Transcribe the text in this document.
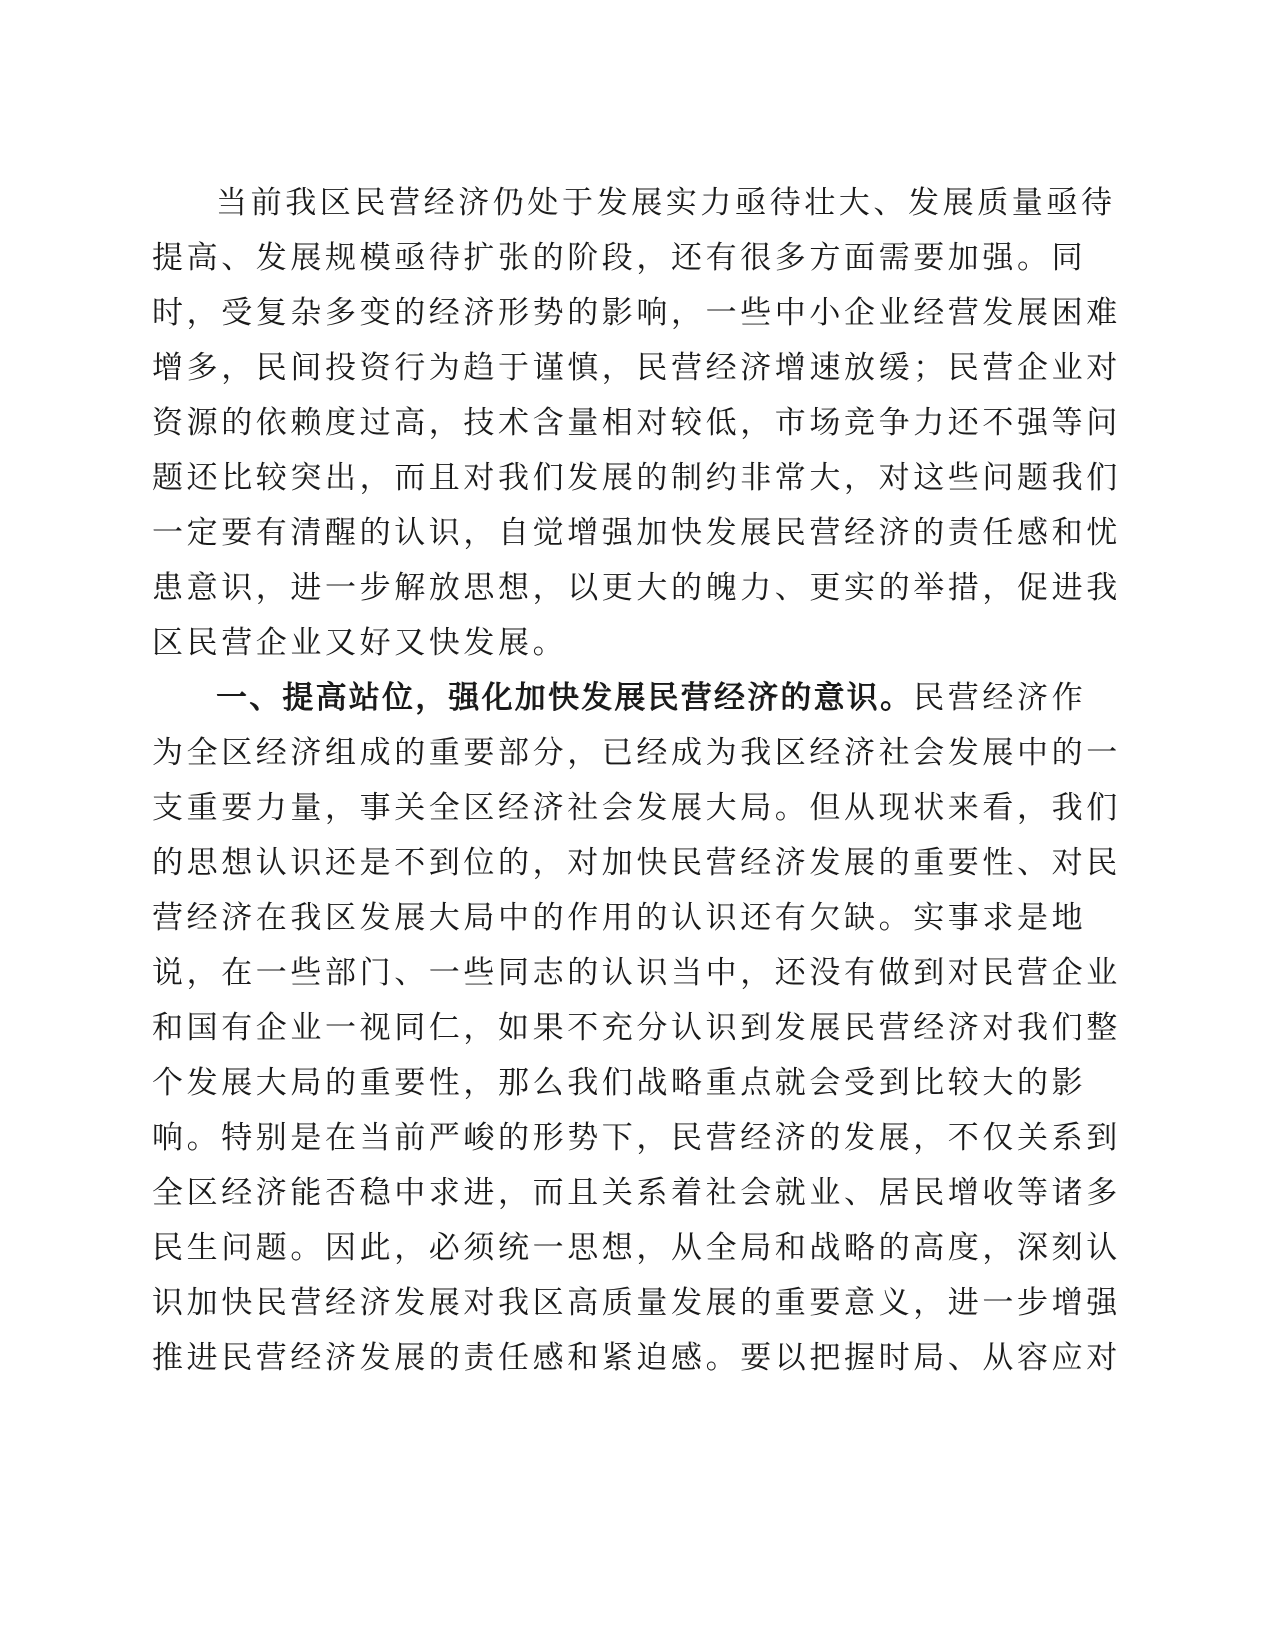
当前我区民营经济仍处于发展实力亟待壮大、发展质量亟待
提高、发展规模亟待扩张的阶段，还有很多方面需要加强。同
时，受复杂多变的经济形势的影响，一些中小企业经营发展困难
增多，民间投资行为趋于谨慎，民营经济增速放缓；民营企业对
资源的依赖度过高，技术含量相对较低，市场竞争力还不强等问
题还比较突出，而且对我们发展的制约非常大，对这些问题我们
一定要有清醒的认识，自觉增强加快发展民营经济的责任感和忧
患意识，进一步解放思想，以更大的魄力、更实的举措，促进我
区民营企业又好又快发展。
一、提高站位，强化加快发展民营经济的意识。民营经济作
为全区经济组成的重要部分，已经成为我区经济社会发展中的一
支重要力量，事关全区经济社会发展大局。但从现状来看，我们
的思想认识还是不到位的，对加快民营经济发展的重要性、对民
营经济在我区发展大局中的作用的认识还有欠缺。实事求是地
说，在一些部门、一些同志的认识当中，还没有做到对民营企业
和国有企业一视同仁，如果不充分认识到发展民营经济对我们整
个发展大局的重要性，那么我们战略重点就会受到比较大的影
响。特别是在当前严峻的形势下，民营经济的发展，不仅关系到
全区经济能否稳中求进，而且关系着社会就业、居民增收等诸多
民生问题。因此，必须统一思想，从全局和战略的高度，深刻认
识加快民营经济发展对我区高质量发展的重要意义，进一步增强
推进民营经济发展的责任感和紧迫感。要以把握时局、从容应对
